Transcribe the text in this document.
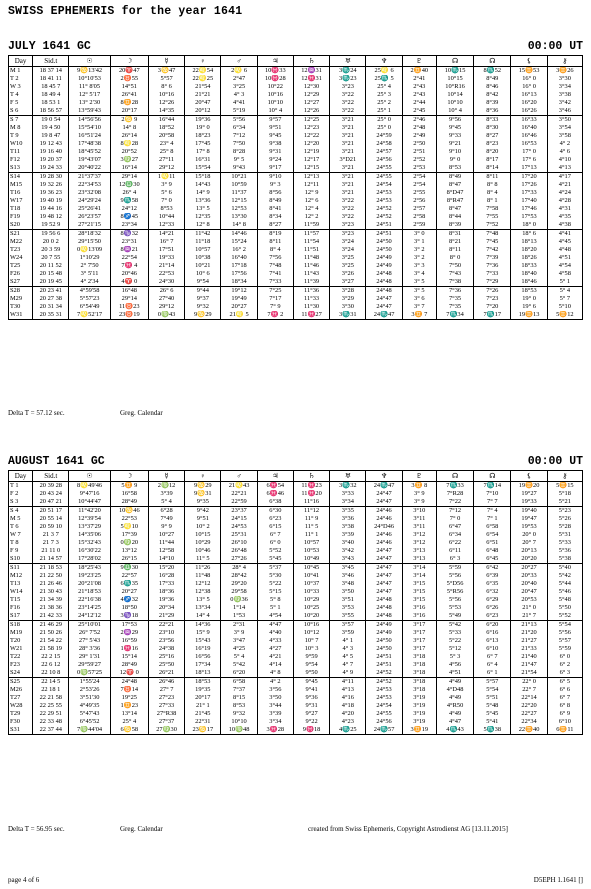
SWISS EPHEMERIS for the year 1641
JULY 1641 GC	00:00 UT
Day	Sid.t	☉	☽	☿	♀	♂	♃	♄	♅	♆	♇	☊	☊	⚸	⚷
M 1	18 37 14	9♋13'42	20♈47	3♋47	22♌54	2♌ 6	10♓33	12♒31	3♏24	25♌ 6	2♊40	10♏15	8♏52	15♊53	3♊26
T 2	18 41 11	10°10'53	2♉55	5°57	22♌25	2°47	10♓28	12♓31	3♏23	25♏ 5	2°41	10°15	8°49	16° 0	3°30
W 3	18 45 7	11° 8'05	14°51	8° 6	21°54	3°25	10°22	12°30	3°23	25° 4	2°43	10°R16	8°46	16° 0	3°34
T 4	18 49 4	12° 5'17	26°41	10°16	21°21	4° 3	10°16	12°29	3°22	25° 3	2°43	10°14	8°42	16°13	3°38
F 5	18 53 1	13° 2'30	8♊28	12°26	20°47	4°41	10°10	12°27	3°22	25° 2	2°44	10°10	8°39	16°20	3°42
S 6	18 56 57	13°59'43	20°17	14°35	20°12	5°19	10° 4	12°26	3°22	25° 1	2°45	10° 4	8°36	16°26	3°46
S 7	19 0 54	14°56'56	2♋ 9	16°44	19°36	5°56	9°57	12°25	3°21	25° 0	2°46	9°56	8°33	16°33	3°50
M 8	19 4 50	15°54'10	14° 8	18°52	19° 0	6°34	9°51	12°23	3°21	25° 0	2°48	9°45	8°30	16°40	3°54
T 9	19 8 47	16°51'24	26°14	20°58	18°23	7°12	9°45	12°22	3°21	24°59	2°49	9°33	8°27	16°46	3°58
W10	19 12 43	17°48'38	8♌28	23° 4	17°45	7°50	9°38	12°20	3°21	24°58	2°50	9°21	8°23	16°53	4° 2
T11	19 16 40	18°45'52	20°52	25° 8	17° 8	8°28	9°31	12°19	3°21	24°57	2°51	9°10	8°20	17° 0	4° 6
F12	19 20 37	19°43'07	3♍27	27°11	16°31	9° 5	9°24	12°17	3°D21	24°56	2°52	9° 0	8°17	17° 6	4°10
S13	19 24 33	20°40'22	16°14	29°12	15°54	9°43	9°17	12°15	3°21	24°55	2°53	8°53	8°14	17°13	4°13
S14	19 28 30	21°37'37	29°14	1♌11	15°18	10°21	9°10	12°13	3°21	24°55	2°54	8°49	8°11	17°20	4°17
M15	19 32 26	22°34'53	12♎30	3° 9	14°43	10°59	9° 3	12°11	3°21	24°54	2°54	8°47	8° 8	17°26	4°21
T16	19 36 23	23°32'08	26° 4	5° 6	14° 9	11°37	8°56	12° 9	3°21	24°53	2°55	8°D47	8° 4	17°33	4°24
W17	19 40 19	24°29'24	9♏58	7° 0	13°36	12°15	8°49	12° 6	3°22	24°53	2°56	8°R47	8° 1	17°40	4°28
T18	19 44 16	25°26'41	24°12	8°53	13° 5	12°53	8°41	12° 4	3°22	24°52	2°57	8°47	7°58	17°46	4°31
F19	19 48 12	26°23'57	8♐45	10°44	12°35	13°30	8°34	12° 2	3°22	24°52	2°58	8°44	7°55	17°53	4°35
S20	19 52 9	27°21'15	23°34	12°33	12° 8	14° 8	8°27	11°59	3°23	24°51	2°59	8°39	7°52	18° 0	4°38
S21	19 56 6	28°18'32	8♑32	14°21	11°42	14°46	8°19	11°57	3°23	24°51	3° 0	8°31	7°48	18° 6	4°41
M22	20 0 2	29°15'50	23°31	16° 7	11°18	15°24	8°11	11°54	3°24	24°50	3° 1	8°21	7°45	18°13	4°45
T23	20 3 59	0♌13'09	8♒21	17°51	10°57	16° 2	8° 4	11°51	3°24	24°50	3° 2	8°11	7°42	18°20	4°48
W24	20 7 55	1°10'29	22°54	19°33	10°38	16°40	7°56	11°48	3°25	24°49	3° 2	8° 0	7°39	18°26	4°51
T25	20 11 52	2° 7'50	7♓ 4	21°14	10°21	17°18	7°48	11°46	3°25	24°49	3° 3	7°50	7°36	18°33	4°54
F26	20 15 48	3° 5'11	20°46	22°53	10° 6	17°56	7°41	11°43	3°26	24°48	3° 4	7°43	7°33	18°40	4°58
S27	20 19 45	4° 2'34	4♈ 0	24°30	9°54	18°34	7°33	11°39	3°27	24°48	3° 5	7°38	7°29	18°46	5° 1
S28	20 23 41	4°59'58	16°48	26° 6	9°44	19°12	7°25	11°36	3°28	24°48	3° 5	7°36	7°26	18°53	5° 4
M29	20 27 38	5°57'23	29°14	27°40	9°37	19°49	7°17	11°33	3°29	24°47	3° 6	7°35	7°23	19° 0	5° 7
T30	20 31 34	6°54'49	11♉23	29°12	9°32	20°27	7° 9	11°30	3°30	24°47	3° 7	7°35	7°20	19° 6	5°10
W31	20 35 31	7♌52'17	23♉19	0♍43	9♋29	21♌ 5	7♓ 2	11♓27	3♏31	24♏47	3♊ 7	7♏34	7♏17	19♊13	5♊12
Delta T = 57.12 sec.	Greg. Calendar
AUGUST 1641 GC	00:00 UT
Day	Sid.t	☉	☽	☿	♀	♂	♃	♄	♅	♆	♇	☊	☊	⚸	⚷
T 1	20 39 28	8♌49'46	5♊ 9	2♍12	9♋29	21♌43	6♓54	11♓23	3♏32	24♏47	3♊ 8	7♏33	7♏14	19♊20	5♊15
F 2	20 43 24	9°47'16	16°58	3°39	9♋31	22°21	6♓46	11♓20	3°33	24°47	3° 9	7°R28	7°10	19°27	5°18
S 3	20 47 21	10°44'47	28°49	5° 4	9°35	22°59	6°38	11°16	3°34	24°47	3° 9	7°22	7° 7	19°33	5°21
S 4	20 51 17	11°42'20	10♋46	6°28	9°42	23°37	6°30	11°12	3°35	24°46	3°10	7°12	7° 4	19°40	5°23
M 5	20 55 14	12°39'54	22°53	7°49	9°51	24°15	6°23	11° 9	3°36	24°46	3°11	7° 0	7° 1	19°47	5°26
T 6	20 59 10	13°37'29	5♌10	9° 9	10° 2	24°53	6°15	11° 5	3°38	24°D46	3°11	6°47	6°58	19°53	5°28
W 7	21 3 7	14°35'06	17°39	10°27	10°15	25°31	6° 7	11° 1	3°39	24°46	3°12	6°34	6°54	20° 0	5°31
T 8	21 7 3	15°32'43	0♍20	11°44	10°29	26°10	6° 0	10°57	3°40	24°46	3°12	6°22	6°51	20° 7	5°33
F 9	21 11 0	16°30'22	13°12	12°58	10°46	26°48	5°52	10°53	3°42	24°47	3°13	6°11	6°48	20°13	5°36
S10	21 14 57	17°28'02	26°15	14°10	11° 5	27°26	5°45	10°49	3°43	24°47	3°13	6° 3	6°45	20°20	5°38
S11	21 18 53	18°25'43	9♎30	15°20	11°26	28° 4	5°37	10°45	3°45	24°47	3°14	5°59	6°42	20°27	5°40
M12	21 22 50	19°23'25	22°57	16°28	11°48	28°42	5°30	10°41	3°46	24°47	3°14	5°56	6°39	20°33	5°42
T13	21 26 46	20°21'08	6♏35	17°33	12°12	29°20	5°22	10°37	3°48	24°47	3°15	5°D56	6°35	20°40	5°44
W14	21 30 43	21°18'53	20°27	18°36	12°38	29°58	5°15	10°33	3°50	24°47	3°15	5°R56	6°32	20°47	5°46
T15	21 34 39	22°16'38	4♐32	19°36	13° 5	0♍36	5° 8	10°29	3°51	24°48	3°15	5°56	6°29	20°53	5°48
F16	21 38 36	23°14'25	18°50	20°34	13°34	1°14	5° 1	10°25	3°53	24°48	3°16	5°53	6°26	21° 0	5°50
S17	21 42 33	24°12'12	3♑18	21°29	14° 4	1°53	4°54	10°20	3°55	24°48	3°16	5°49	6°23	21° 7	5°52
S18	21 46 29	25°10'01	17°53	22°21	14°36	2°31	4°47	10°16	3°57	24°49	3°17	5°42	6°20	21°13	5°54
M19	21 50 26	26° 7'52	2♒29	23°10	15° 9	3° 9	4°40	10°12	3°59	24°49	3°17	5°33	6°16	21°20	5°56
T20	21 54 22	27° 5'43	16°59	23°56	15°43	3°47	4°33	10° 7	4° 1	24°50	3°17	5°22	6°13	21°27	5°57
W21	21 58 19	28° 3'36	1♓16	24°38	16°19	4°25	4°27	10° 3	4° 3	24°50	3°17	5°12	6°10	21°33	5°59
T22	22 2 15	29° 1'31	15°14	25°16	16°56	5° 4	4°21	9°59	4° 5	24°51	3°18	5° 3	6° 7	21°40	6° 0
F23	22 6 12	29°59'27	28°49	25°50	17°34	5°42	4°14	9°54	4° 7	24°51	3°18	4°56	6° 4	21°47	6° 2
S24	22 10 8	0♍57'25	12♈ 0	26°21	18°13	6°20	4° 8	9°50	4° 9	24°52	3°18	4°51	6° 1	21°54	6° 3
S25	22 14 5	1°55'24	24°48	26°46	18°53	6°58	4° 2	9°45	4°11	24°52	3°18	4°49	5°57	22° 0	6° 5
M26	22 18 1	2°53'26	7♉14	27° 7	19°35	7°37	3°56	9°41	4°13	24°53	3°18	4°D48	5°54	22° 7	6° 6
T27	22 21 58	3°51'30	19°25	27°23	20°17	8°15	3°50	9°36	4°16	24°53	3°19	4°49	5°51	22°14	6° 7
W28	22 25 55	4°49'35	1♊23	27°33	21° 1	8°53	3°44	9°31	4°18	24°54	3°19	4°R50	5°48	22°20	6° 8
T29	22 29 51	5°47'43	13°14	27°R38	21°45	9°32	3°39	9°27	4°20	24°55	3°19	4°49	5°45	22°27	6° 9
F30	22 33 48	6°45'52	25° 4	27°37	22°31	10°10	3°34	9°22	4°23	24°56	3°19	4°47	5°41	22°34	6°10
S31	22 37 44	7♍44'04	6♋58	27♍30	23♋17	10♍48	3♓28	9♓18	4♏25	24♏57	3♊19	4♏43	5♏38	22♊40	6♊11
Delta T = 56.95 sec.	Greg. Calendar	created from Swiss Ephemeris, Copyright Astrodienst AG [13.11.2015]
page 4 of 6	D5EPH 1.1641 []
